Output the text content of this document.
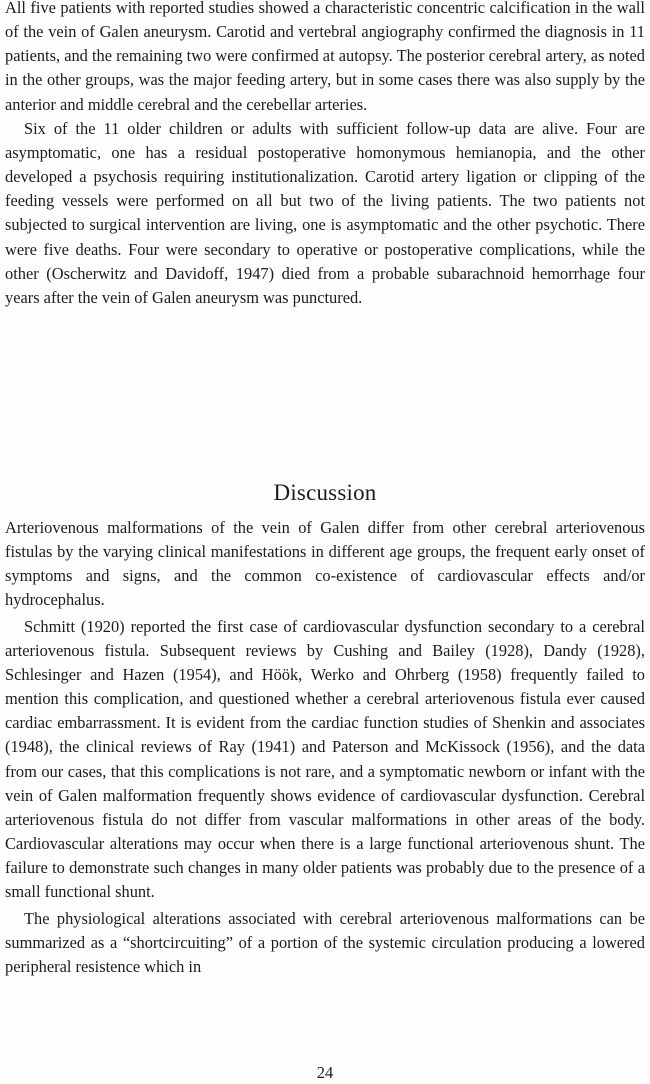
All five patients with reported studies showed a characteristic concentric calcification in the wall of the vein of Galen aneurysm. Carotid and vertebral angiography confirmed the diagnosis in 11 patients, and the remaining two were confirmed at autopsy. The posterior cerebral artery, as noted in the other groups, was the major feeding artery, but in some cases there was also supply by the anterior and middle cerebral and the cerebellar arteries.

Six of the 11 older children or adults with sufficient follow-up data are alive. Four are asymptomatic, one has a residual postoperative homonymous hemianopia, and the other developed a psychosis requiring institutionalization. Carotid artery ligation or clipping of the feeding vessels were performed on all but two of the living patients. The two patients not subjected to surgical intervention are living, one is asymptomatic and the other psychotic. There were five deaths. Four were secondary to operative or postoperative complications, while the other (Oscherwitz and Davidoff, 1947) died from a probable subarachnoid hemorrhage four years after the vein of Galen aneurysm was punctured.

Discussion

Arteriovenous malformations of the vein of Galen differ from other cerebral arteriovenous fistulas by the varying clinical manifestations in different age groups, the frequent early onset of symptoms and signs, and the common co-existence of cardiovascular effects and/or hydrocephalus.

Schmitt (1920) reported the first case of cardiovascular dysfunction secondary to a cerebral arteriovenous fistula. Subsequent reviews by Cushing and Bailey (1928), Dandy (1928), Schlesinger and Hazen (1954), and Höök, Werko and Ohrberg (1958) frequently failed to mention this complication, and questioned whether a cerebral arteriovenous fistula ever caused cardiac embarrassment. It is evident from the cardiac function studies of Shenkin and associates (1948), the clinical reviews of Ray (1941) and Paterson and McKissock (1956), and the data from our cases, that this complications is not rare, and a symptomatic newborn or infant with the vein of Galen malformation frequently shows evidence of cardiovascular dysfunction. Cerebral arteriovenous fistula do not differ from vascular malformations in other areas of the body. Cardiovascular alterations may occur when there is a large functional arteriovenous shunt. The failure to demonstrate such changes in many older patients was probably due to the presence of a small functional shunt.

The physiological alterations associated with cerebral arteriovenous malformations can be summarized as a “shortcircuiting” of a portion of the systemic circulation producing a lowered peripheral resistence which in

24
